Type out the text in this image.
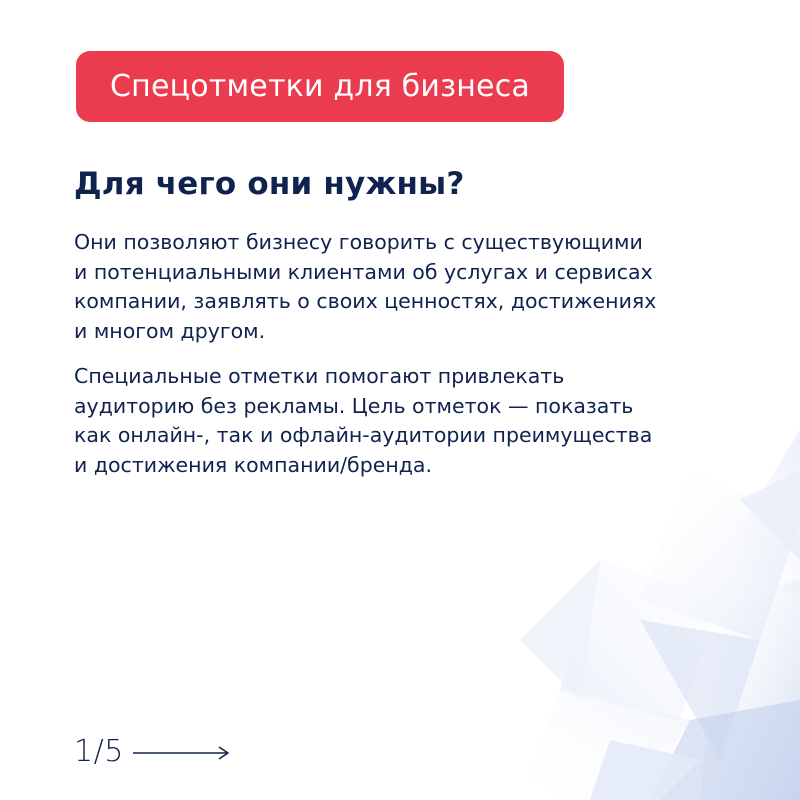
Спецотметки для бизнеса
Для чего они нужны?

Они позволяют бизнесу говорить с существующими
и потенциальными клиентами об услугах и сервисах
компании, заявлять о своих ценностях, достижениях
и многом другом.

Специальные отметки помогают привлекать
аудиторию без рекламы. Цель отметок — показать
как онлайн-, так и офлайн-аудитории преимущества
и достижения компании/бренда.

1/5
